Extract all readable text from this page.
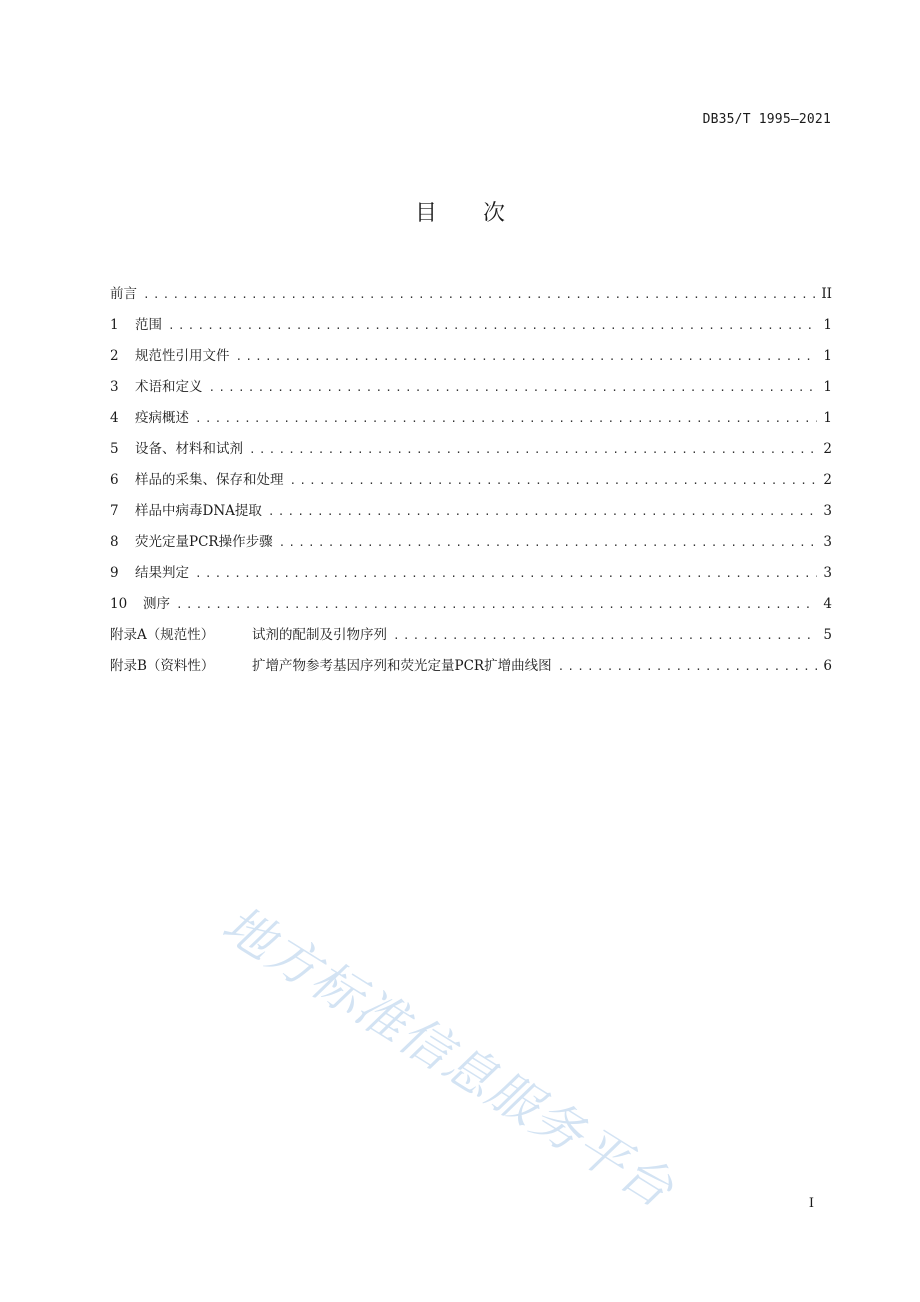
DB35/T 1995—2021
目 次
前言 .....	II
1	范围 .....	1
2	规范性引用文件 .....	1
3	术语和定义 .....	1
4	疫病概述 .....	1
5	设备、材料和试剂 .....	2
6	样品的采集、保存和处理 .....	2
7	样品中病毒DNA提取 .....	3
8	荧光定量PCR操作步骤 .....	3
9	结果判定 .....	3
10	测序 .....	4
附录A（规范性）	试剂的配制及引物序列 .....	5
附录B（资料性）	扩增产物参考基因序列和荧光定量PCR扩增曲线图 .....	6
地方标准信息服务平台	I
